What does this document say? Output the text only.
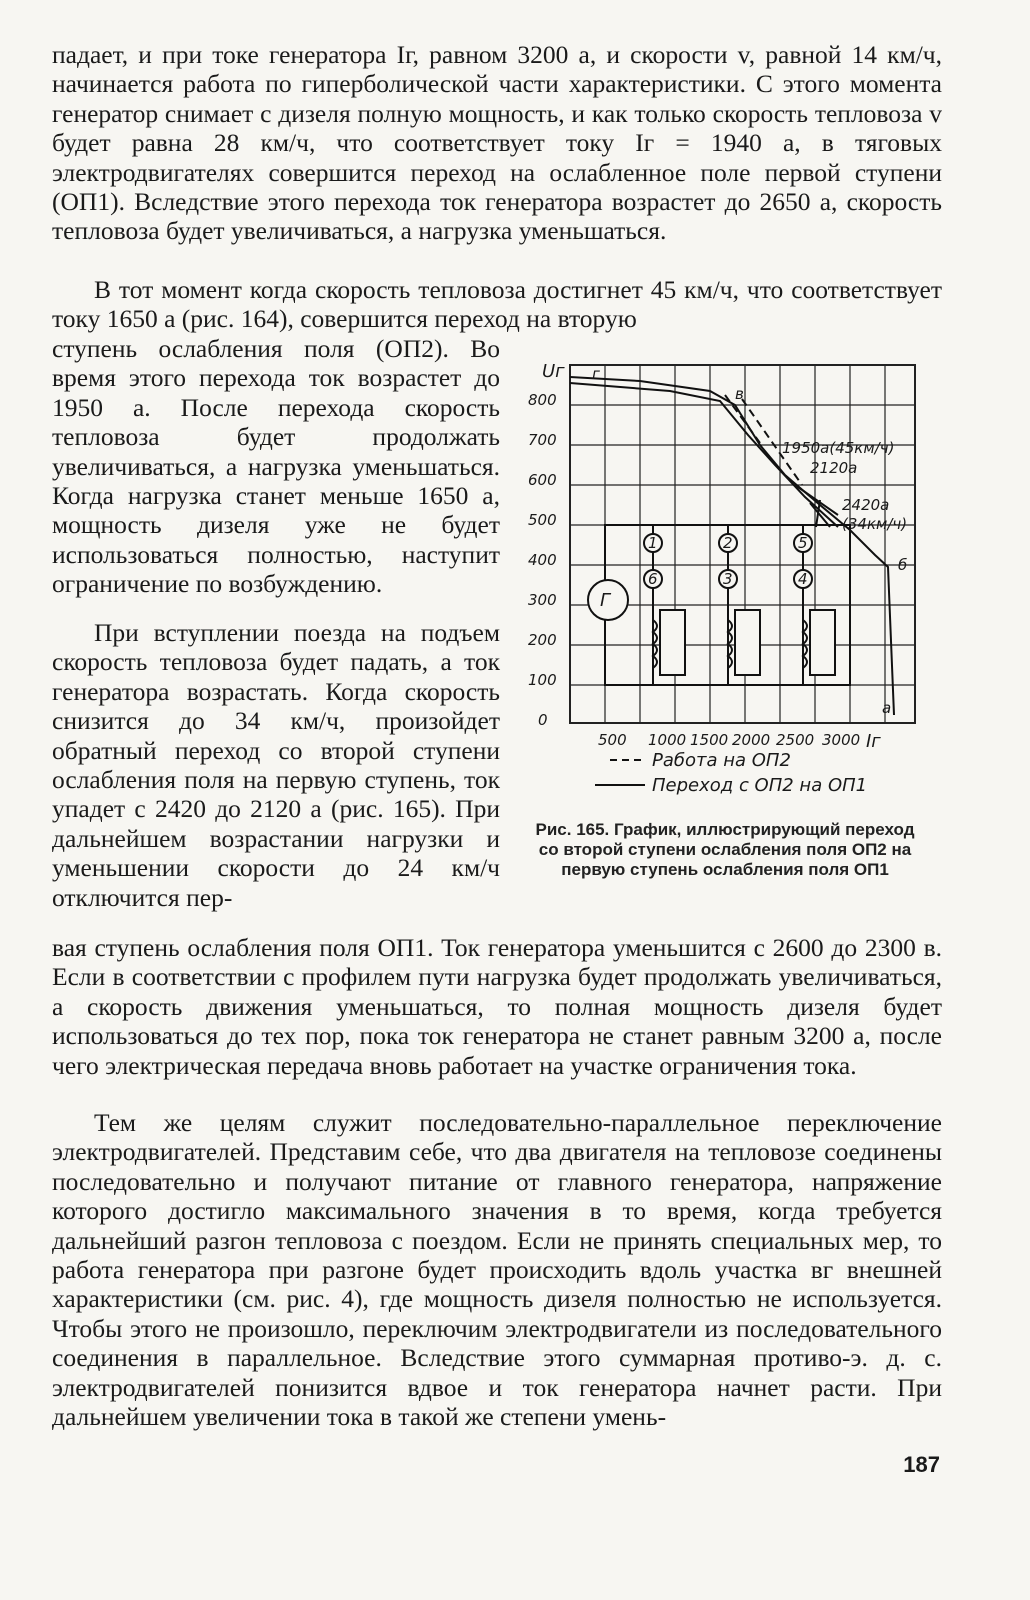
падает, и при токе генератора Iг, равном 3200 а, и скорости v, равной 14 км/ч, начинается работа по гиперболической части характеристики. С этого момента генератор снимает с дизеля полную мощность, и как только скорость тепловоза v будет равна 28 км/ч, что соответствует току Iг = 1940 а, в тяговых электродвигателях совершится переход на ослабленное поле первой ступени (ОП1). Вследствие этого перехода ток генератора возрастет до 2650 а, скорость тепловоза будет увеличиваться, а нагрузка уменьшаться.

В тот момент когда скорость тепловоза достигнет 45 км/ч, что соответствует току 1650 а (рис. 164), совершится переход на вторую

ступень ослабления поля (ОП2). Во время этого перехода ток возрастет до 1950 а. После перехода скорость тепловоза будет продолжать увеличиваться, а нагрузка уменьшаться. Когда нагрузка станет меньше 1650 а, мощность дизеля уже не будет использоваться полностью, наступит ограничение по возбуждению.

При вступлении поезда на подъем скорость тепловоза будет падать, а ток генератора возрастать. Когда скорость снизится до 34 км/ч, произойдет обратный переход со второй ступени ослабления поля на первую ступень, ток упадет с 2420 до 2120 а (рис. 165). При дальнейшем возрастании нагрузки и уменьшении скорости до 24 км/ч отключится пер-

вая ступень ослабления поля ОП1. Ток генератора уменьшится с 2600 до 2300 в. Если в соответствии с профилем пути нагрузка будет продолжать увеличиваться, а скорость движения уменьшаться, то полная мощность дизеля будет использоваться до тех пор, пока ток генератора не станет равным 3200 а, после чего электрическая передача вновь работает на участке ограничения тока.

Тем же целям служит последовательно-параллельное переключение электродвигателей. Представим себе, что два двигателя на тепловозе соединены последовательно и получают питание от главного генератора, напряжение которого достигло максимального значения в то время, когда требуется дальнейший разгон тепловоза с поездом. Если не принять специальных мер, то работа генератора при разгоне будет происходить вдоль участка вг внешней характеристики (см. рис. 4), где мощность дизеля полностью не используется. Чтобы этого не произошло, переключим электродвигатели из последовательного соединения в параллельное. Вследствие этого суммарная противо-э. д. с. электродвигателей понизится вдвое и ток генератора начнет расти. При дальнейшем увеличении тока в такой же степени умень-

Uг
800
700
600
500
400
300
200
100
0
500 1000 1500 2000 2500 3000 Iг
г
в
1950а(45км/ч)
2120а
2420а
(34км/ч)
б
а
1	2	5
6	3	4
Г
Работа на ОП2
Переход с ОП2 на ОП1
Рис. 165. График, иллюстрирующий переход со второй ступени ослабления поля ОП2 на первую ступень ослабления поля ОП1
187
